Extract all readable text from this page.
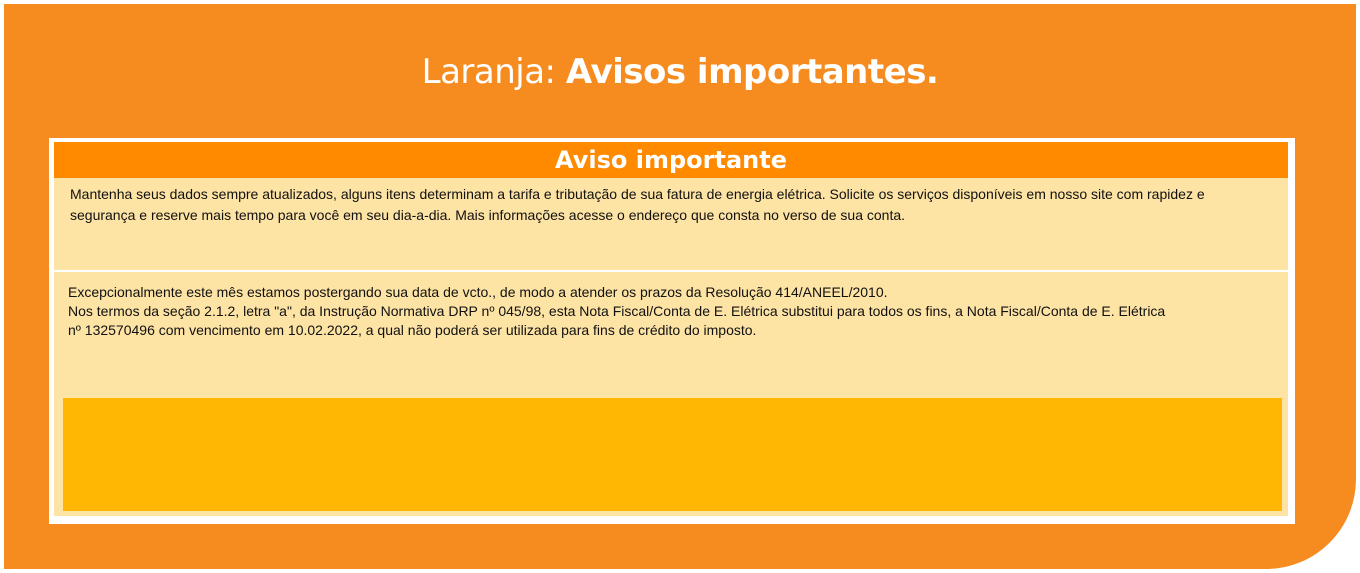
Laranja: Avisos importantes.
Aviso importante
Mantenha seus dados sempre atualizados, alguns itens determinam a tarifa e tributação de sua fatura de energia elétrica. Solicite os serviços disponíveis em nosso site com rapidez e segurança e reserve mais tempo para você em seu dia-a-dia. Mais informações acesse o endereço que consta no verso de sua conta.
Excepcionalmente este mês estamos postergando sua data de vcto., de modo a atender os prazos da Resolução 414/ANEEL/2010.
Nos termos da seção 2.1.2, letra "a", da Instrução Normativa DRP nº 045/98, esta Nota Fiscal/Conta de E. Elétrica substitui para todos os fins, a Nota Fiscal/Conta de E. Elétrica
nº 132570496 com vencimento em 10.02.2022, a qual não poderá ser utilizada para fins de crédito do imposto.
